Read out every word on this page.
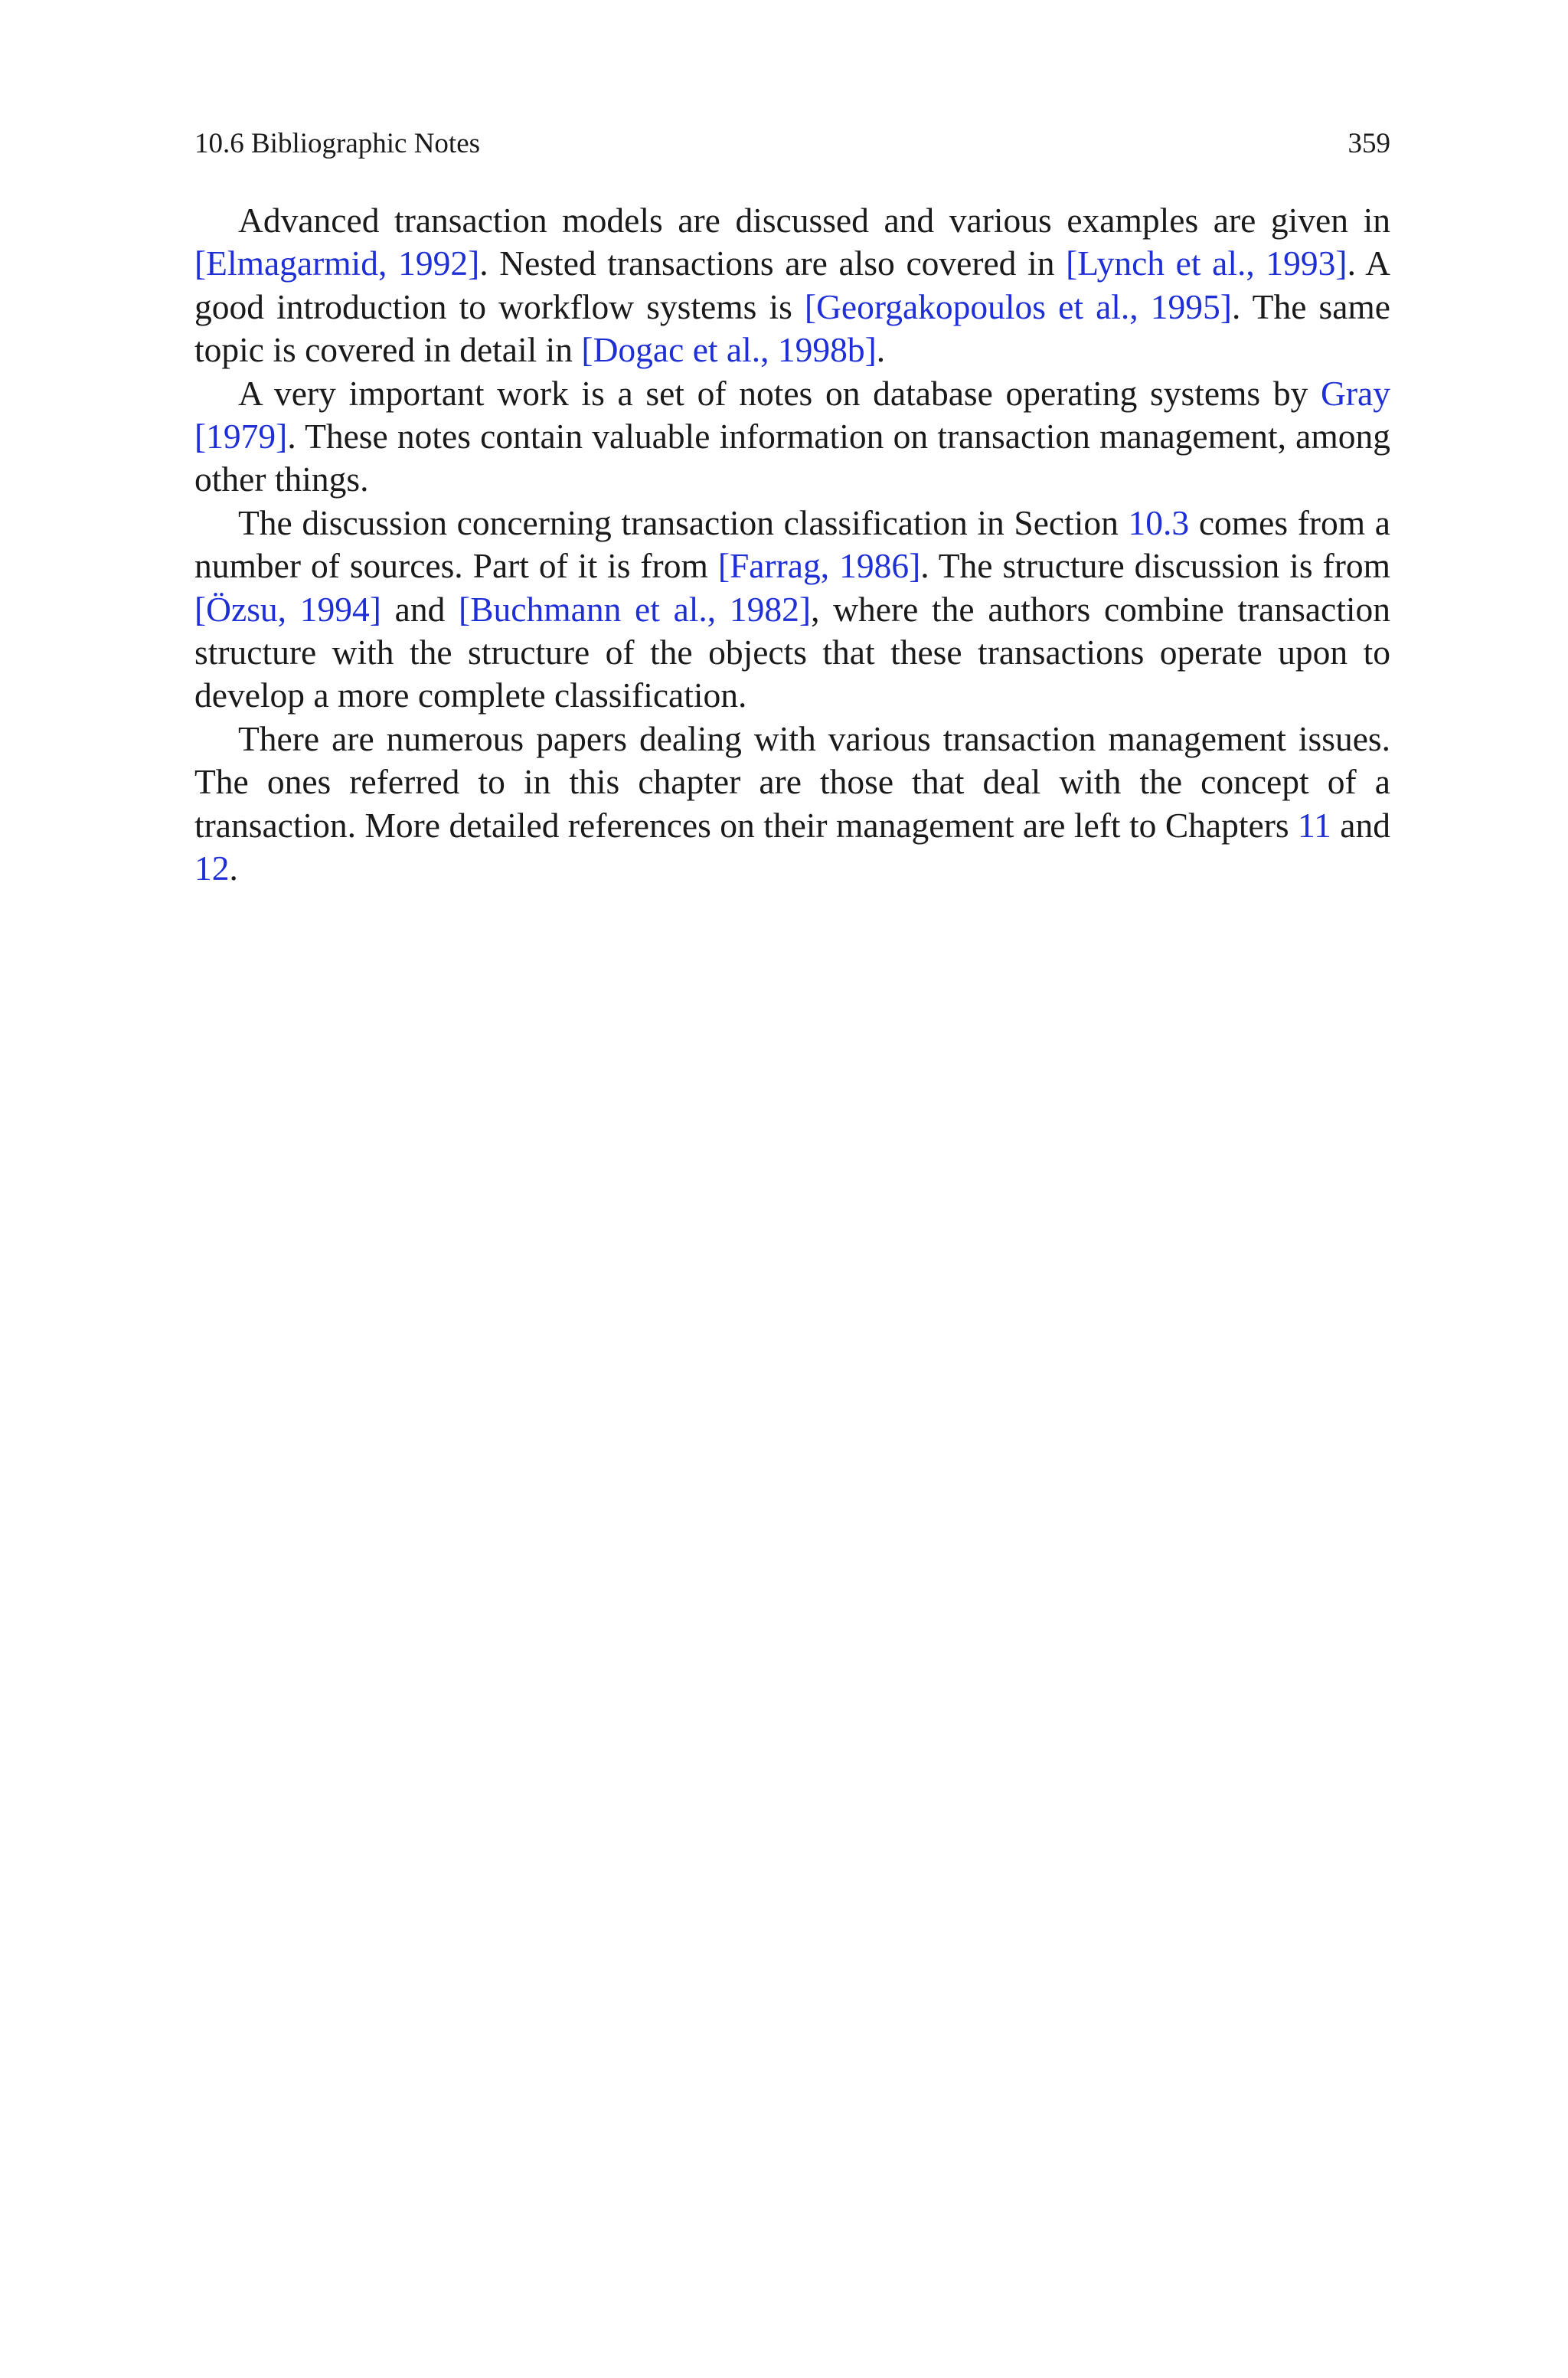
10.6 Bibliographic Notes	359

Advanced transaction models are discussed and various examples are given in [Elmagarmid, 1992]. Nested transactions are also covered in [Lynch et al., 1993]. A good introduction to workflow systems is [Georgakopoulos et al., 1995]. The same topic is covered in detail in [Dogac et al., 1998b].

A very important work is a set of notes on database operating systems by Gray [1979]. These notes contain valuable information on transaction management, among other things.

The discussion concerning transaction classification in Section 10.3 comes from a number of sources. Part of it is from [Farrag, 1986]. The structure discussion is from [Özsu, 1994] and [Buchmann et al., 1982], where the authors combine transaction structure with the structure of the objects that these transactions operate upon to develop a more complete classification.

There are numerous papers dealing with various transaction management issues. The ones referred to in this chapter are those that deal with the concept of a transaction. More detailed references on their management are left to Chapters 11 and 12.
